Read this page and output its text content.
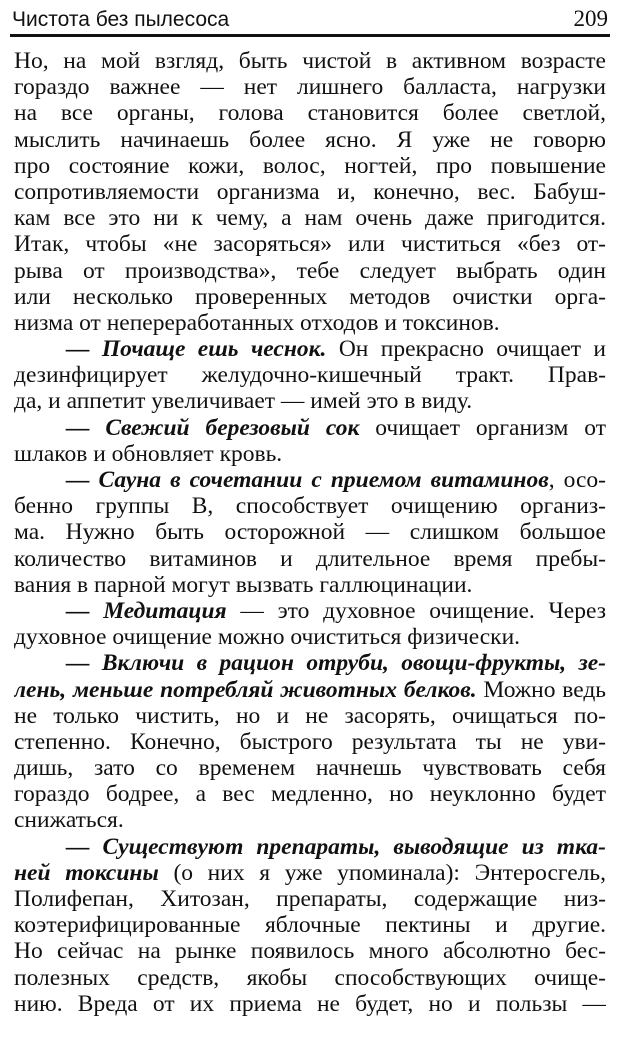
Чистота без пылесоса	209
Но, на мой взгляд, быть чистой в активном возрасте
гораздо важнее — нет лишнего балласта, нагрузки
на все органы, голова становится более светлой,
мыслить начинаешь более ясно. Я уже не говорю
про состояние кожи, волос, ногтей, про повышение
сопротивляемости организма и, конечно, вес. Бабуш-
кам все это ни к чему, а нам очень даже пригодится.
Итак, чтобы «не засоряться» или чиститься «без от-
рыва от производства», тебе следует выбрать один
или несколько проверенных методов очистки орга-
низма от непереработанных отходов и токсинов.
— Почаще ешь чеснок. Он прекрасно очищает и
дезинфицирует желудочно-кишечный тракт. Прав-
да, и аппетит увеличивает — имей это в виду.
— Свежий березовый сок очищает организм от
шлаков и обновляет кровь.
— Сауна в сочетании с приемом витаминов, осо-
бенно группы В, способствует очищению организ-
ма. Нужно быть осторожной — слишком большое
количество витаминов и длительное время пребы-
вания в парной могут вызвать галлюцинации.
— Медитация — это духовное очищение. Через
духовное очищение можно очиститься физически.
— Включи в рацион отруби, овощи-фрукты, зе-
лень, меньше потребляй животных белков. Можно ведь
не только чистить, но и не засорять, очищаться по-
степенно. Конечно, быстрого результата ты не уви-
дишь, зато со временем начнешь чувствовать себя
гораздо бодрее, а вес медленно, но неуклонно будет
снижаться.
— Существуют препараты, выводящие из тка-
ней токсины (о них я уже упоминала): Энтеросгель,
Полифепан, Хитозан, препараты, содержащие низ-
коэтерифицированные яблочные пектины и другие.
Но сейчас на рынке появилось много абсолютно бес-
полезных средств, якобы способствующих очище-
нию. Вреда от их приема не будет, но и пользы —
